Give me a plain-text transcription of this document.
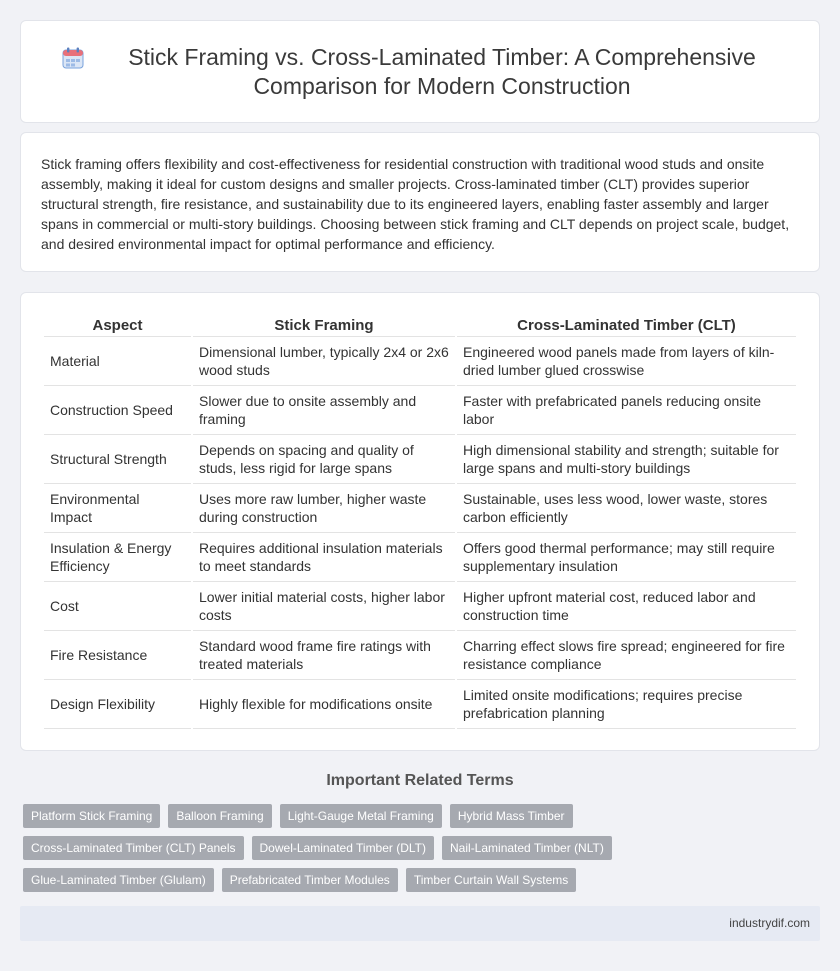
Stick Framing vs. Cross-Laminated Timber: A Comprehensive Comparison for Modern Construction

Stick framing offers flexibility and cost-effectiveness for residential construction with traditional wood studs and onsite assembly, making it ideal for custom designs and smaller projects. Cross-laminated timber (CLT) provides superior structural strength, fire resistance, and sustainability due to its engineered layers, enabling faster assembly and larger spans in commercial or multi-story buildings. Choosing between stick framing and CLT depends on project scale, budget, and desired environmental impact for optimal performance and efficiency.

Aspect	Stick Framing	Cross-Laminated Timber (CLT)
Material	Dimensional lumber, typically 2x4 or 2x6 wood studs	Engineered wood panels made from layers of kiln-dried lumber glued crosswise
Construction Speed	Slower due to onsite assembly and framing	Faster with prefabricated panels reducing onsite labor
Structural Strength	Depends on spacing and quality of studs, less rigid for large spans	High dimensional stability and strength; suitable for large spans and multi-story buildings
Environmental Impact	Uses more raw lumber, higher waste during construction	Sustainable, uses less wood, lower waste, stores carbon efficiently
Insulation & Energy Efficiency	Requires additional insulation materials to meet standards	Offers good thermal performance; may still require supplementary insulation
Cost	Lower initial material costs, higher labor costs	Higher upfront material cost, reduced labor and construction time
Fire Resistance	Standard wood frame fire ratings with treated materials	Charring effect slows fire spread; engineered for fire resistance compliance
Design Flexibility	Highly flexible for modifications onsite	Limited onsite modifications; requires precise prefabrication planning
Important Related Terms
Platform Stick Framing	Balloon Framing	Light-Gauge Metal Framing	Hybrid Mass Timber
Cross-Laminated Timber (CLT) Panels	Dowel-Laminated Timber (DLT)	Nail-Laminated Timber (NLT)
Glue-Laminated Timber (Glulam)	Prefabricated Timber Modules	Timber Curtain Wall Systems
industrydif.com
